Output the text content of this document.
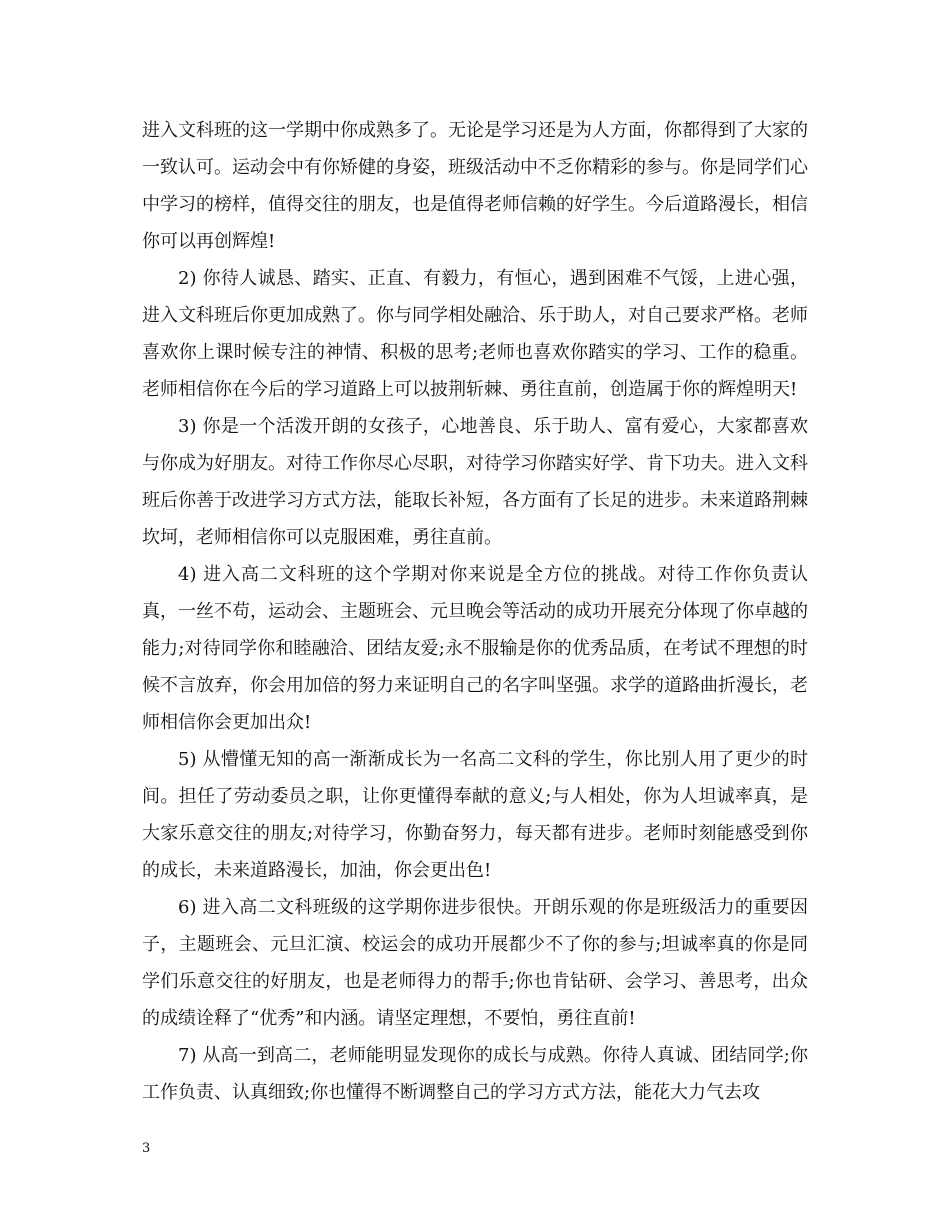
进入文科班的这一学期中你成熟多了。无论是学习还是为人方面，你都得到了大家的一致认可。运动会中有你矫健的身姿，班级活动中不乏你精彩的参与。你是同学们心中学习的榜样，值得交往的朋友，也是值得老师信赖的好学生。今后道路漫长，相信你可以再创辉煌!

2) 你待人诚恳、踏实、正直、有毅力，有恒心，遇到困难不气馁，上进心强，进入文科班后你更加成熟了。你与同学相处融洽、乐于助人，对自己要求严格。老师喜欢你上课时候专注的神情、积极的思考;老师也喜欢你踏实的学习、工作的稳重。老师相信你在今后的学习道路上可以披荆斩棘、勇往直前，创造属于你的辉煌明天!

3) 你是一个活泼开朗的女孩子，心地善良、乐于助人、富有爱心，大家都喜欢与你成为好朋友。对待工作你尽心尽职，对待学习你踏实好学、肯下功夫。进入文科班后你善于改进学习方式方法，能取长补短，各方面有了长足的进步。未来道路荆棘坎坷，老师相信你可以克服困难，勇往直前。

4) 进入高二文科班的这个学期对你来说是全方位的挑战。对待工作你负责认真，一丝不苟，运动会、主题班会、元旦晚会等活动的成功开展充分体现了你卓越的能力;对待同学你和睦融洽、团结友爱;永不服输是你的优秀品质，在考试不理想的时候不言放弃，你会用加倍的努力来证明自己的名字叫坚强。求学的道路曲折漫长，老师相信你会更加出众!

5) 从懵懂无知的高一渐渐成长为一名高二文科的学生，你比别人用了更少的时间。担任了劳动委员之职，让你更懂得奉献的意义;与人相处，你为人坦诚率真，是大家乐意交往的朋友;对待学习，你勤奋努力，每天都有进步。老师时刻能感受到你的成长，未来道路漫长，加油，你会更出色!

6) 进入高二文科班级的这学期你进步很快。开朗乐观的你是班级活力的重要因子，主题班会、元旦汇演、校运会的成功开展都少不了你的参与;坦诚率真的你是同学们乐意交往的好朋友，也是老师得力的帮手;你也肯钻研、会学习、善思考，出众的成绩诠释了“优秀”和内涵。请坚定理想，不要怕，勇往直前!

7) 从高一到高二，老师能明显发现你的成长与成熟。你待人真诚、团结同学;你工作负责、认真细致;你也懂得不断调整自己的学习方式方法，能花大力气去攻

3
